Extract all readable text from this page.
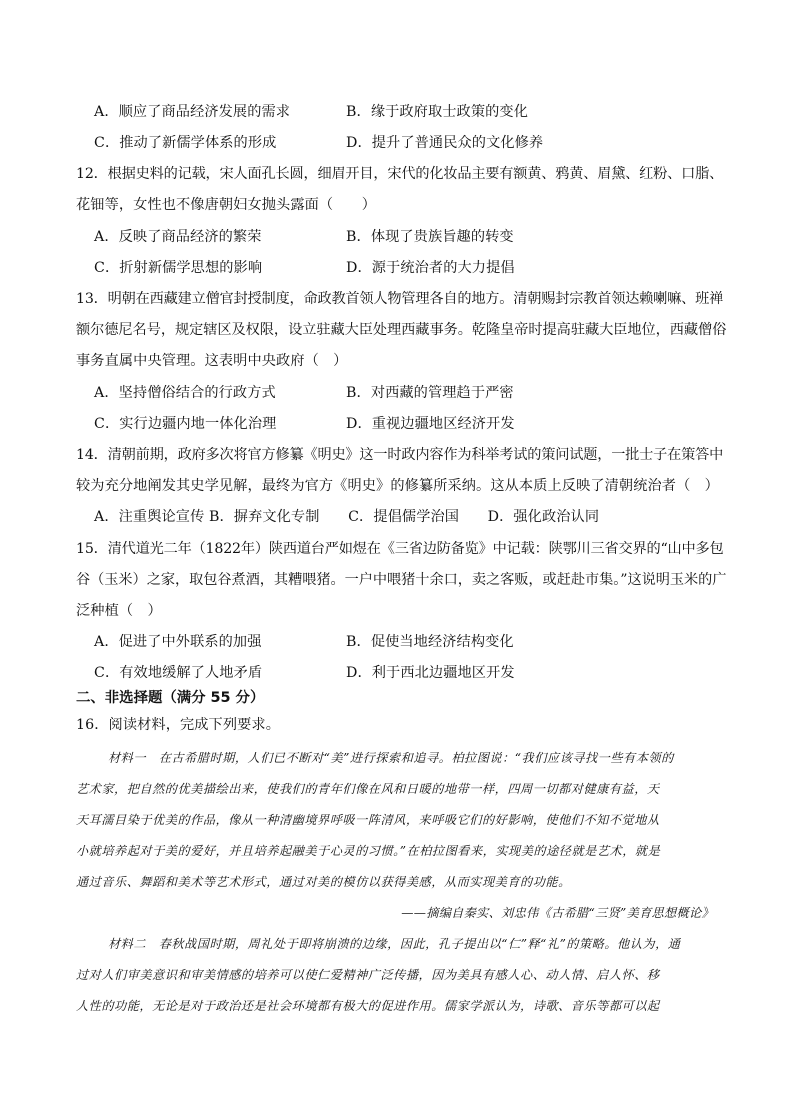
A．顺应了商品经济发展的需求	B．缘于政府取士政策的变化
C．推动了新儒学体系的形成	D．提升了普通民众的文化修养
12．根据史料的记载，宋人面孔长圆，细眉开目，宋代的化妆品主要有额黄、鸦黄、眉黛、红粉、口脂、
花钿等，女性也不像唐朝妇女抛头露面（　　）
A．反映了商品经济的繁荣	B．体现了贵族旨趣的转变
C．折射新儒学思想的影响	D．源于统治者的大力提倡
13．明朝在西藏建立僧官封授制度，命政教首领人物管理各自的地方。清朝赐封宗教首领达赖喇嘛、班禅
额尔德尼名号，规定辖区及权限，设立驻藏大臣处理西藏事务。乾隆皇帝时提高驻藏大臣地位，西藏僧俗
事务直属中央管理。这表明中央政府（　）
A．坚持僧俗结合的行政方式	B．对西藏的管理趋于严密
C．实行边疆内地一体化治理	D．重视边疆地区经济开发
14．清朝前期，政府多次将官方修纂《明史》这一时政内容作为科举考试的策问试题，一批士子在策答中
较为充分地阐发其史学见解，最终为官方《明史》的修纂所采纳。这从本质上反映了清朝统治者（　）
A．注重舆论宣传 B．摒弃文化专制　　C．提倡儒学治国　　D．强化政治认同
15．清代道光二年（1822年）陕西道台严如煜在《三省边防备览》中记载：陕鄂川三省交界的“山中多包
谷（玉米）之家，取包谷煮酒，其糟喂猪。一户中喂猪十余口，卖之客贩，或赶赴市集。”这说明玉米的广
泛种植（　）
A．促进了中外联系的加强	B．促使当地经济结构变化
C．有效地缓解了人地矛盾	D．利于西北边疆地区开发
二、非选择题（满分 55 分）
16．阅读材料，完成下列要求。
材料一　在古希腊时期，人们已不断对“美”进行探索和追寻。柏拉图说：“我们应该寻找一些有本领的
艺术家，把自然的优美描绘出来，使我们的青年们像在风和日暖的地带一样，四周一切都对健康有益，天
天耳濡目染于优美的作品，像从一种清幽境界呼吸一阵清风，来呼吸它们的好影响，使他们不知不觉地从
小就培养起对于美的爱好，并且培养起融美于心灵的习惯。”在柏拉图看来，实现美的途径就是艺术，就是
通过音乐、舞蹈和美术等艺术形式，通过对美的模仿以获得美感，从而实现美育的功能。
——摘编自秦实、刘忠伟《古希腊“三贤”美育思想概论》
材料二　春秋战国时期，周礼处于即将崩溃的边缘，因此，孔子提出以“仁”释“礼”的策略。他认为，通
过对人们审美意识和审美情感的培养可以使仁爱精神广泛传播，因为美具有感人心、动人情、启人怀、移
人性的功能，无论是对于政治还是社会环境都有极大的促进作用。儒家学派认为，诗歌、音乐等都可以起
